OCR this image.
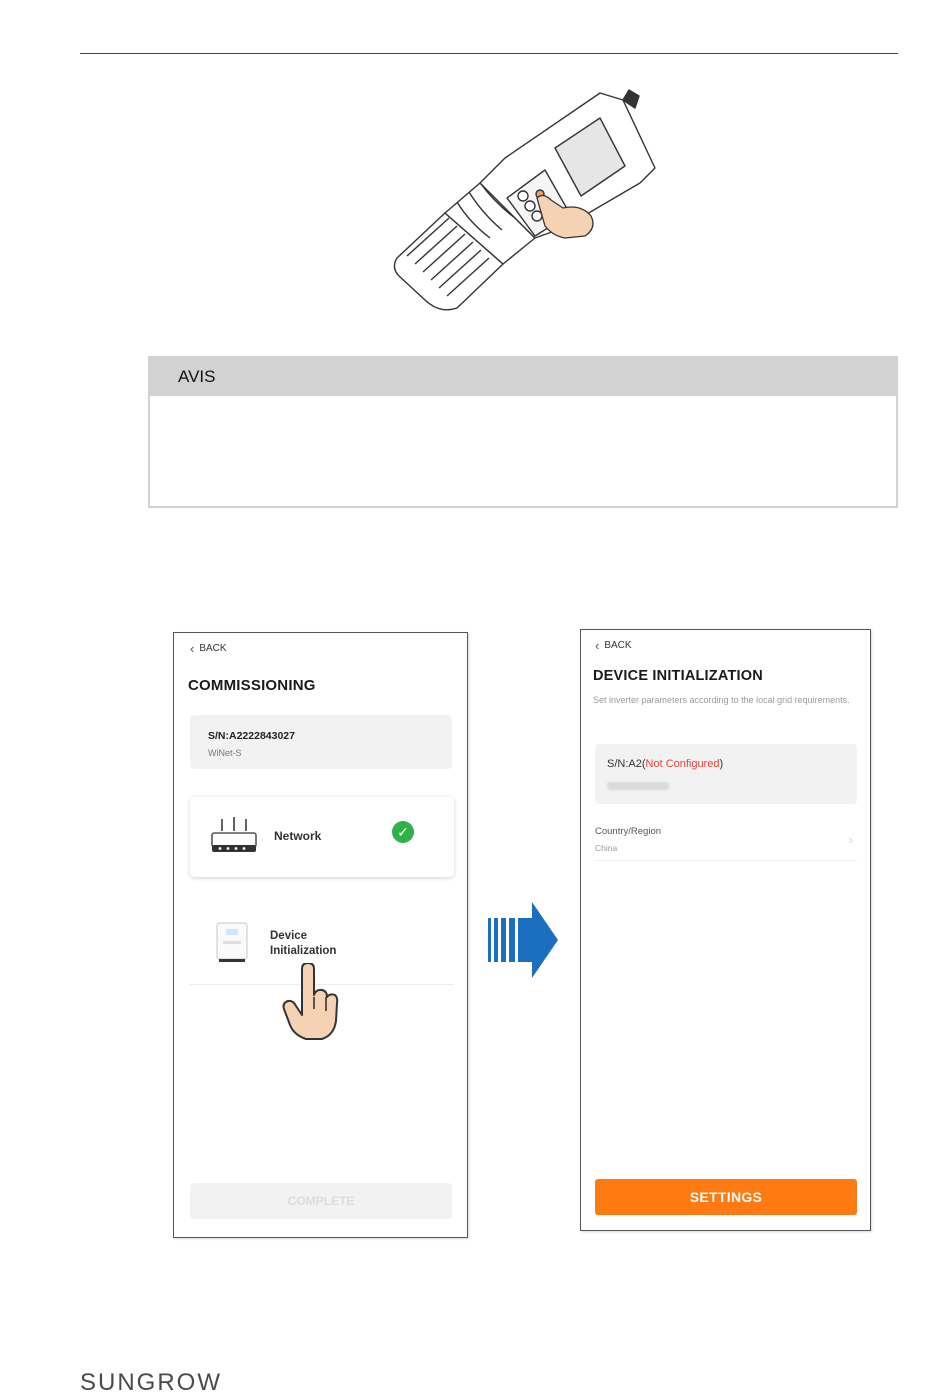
AVIS
‹ BACK
COMMISSIONING
S/N:A2222843027
WiNet-S
Network	✓
Device
Initialization
COMPLETE
‹ BACK
DEVICE INITIALIZATION
Set inverter parameters according to the local grid requirements.
S/N:A2(Not Configured)
Country/Region
China
›
SETTINGS
SUNGROW
